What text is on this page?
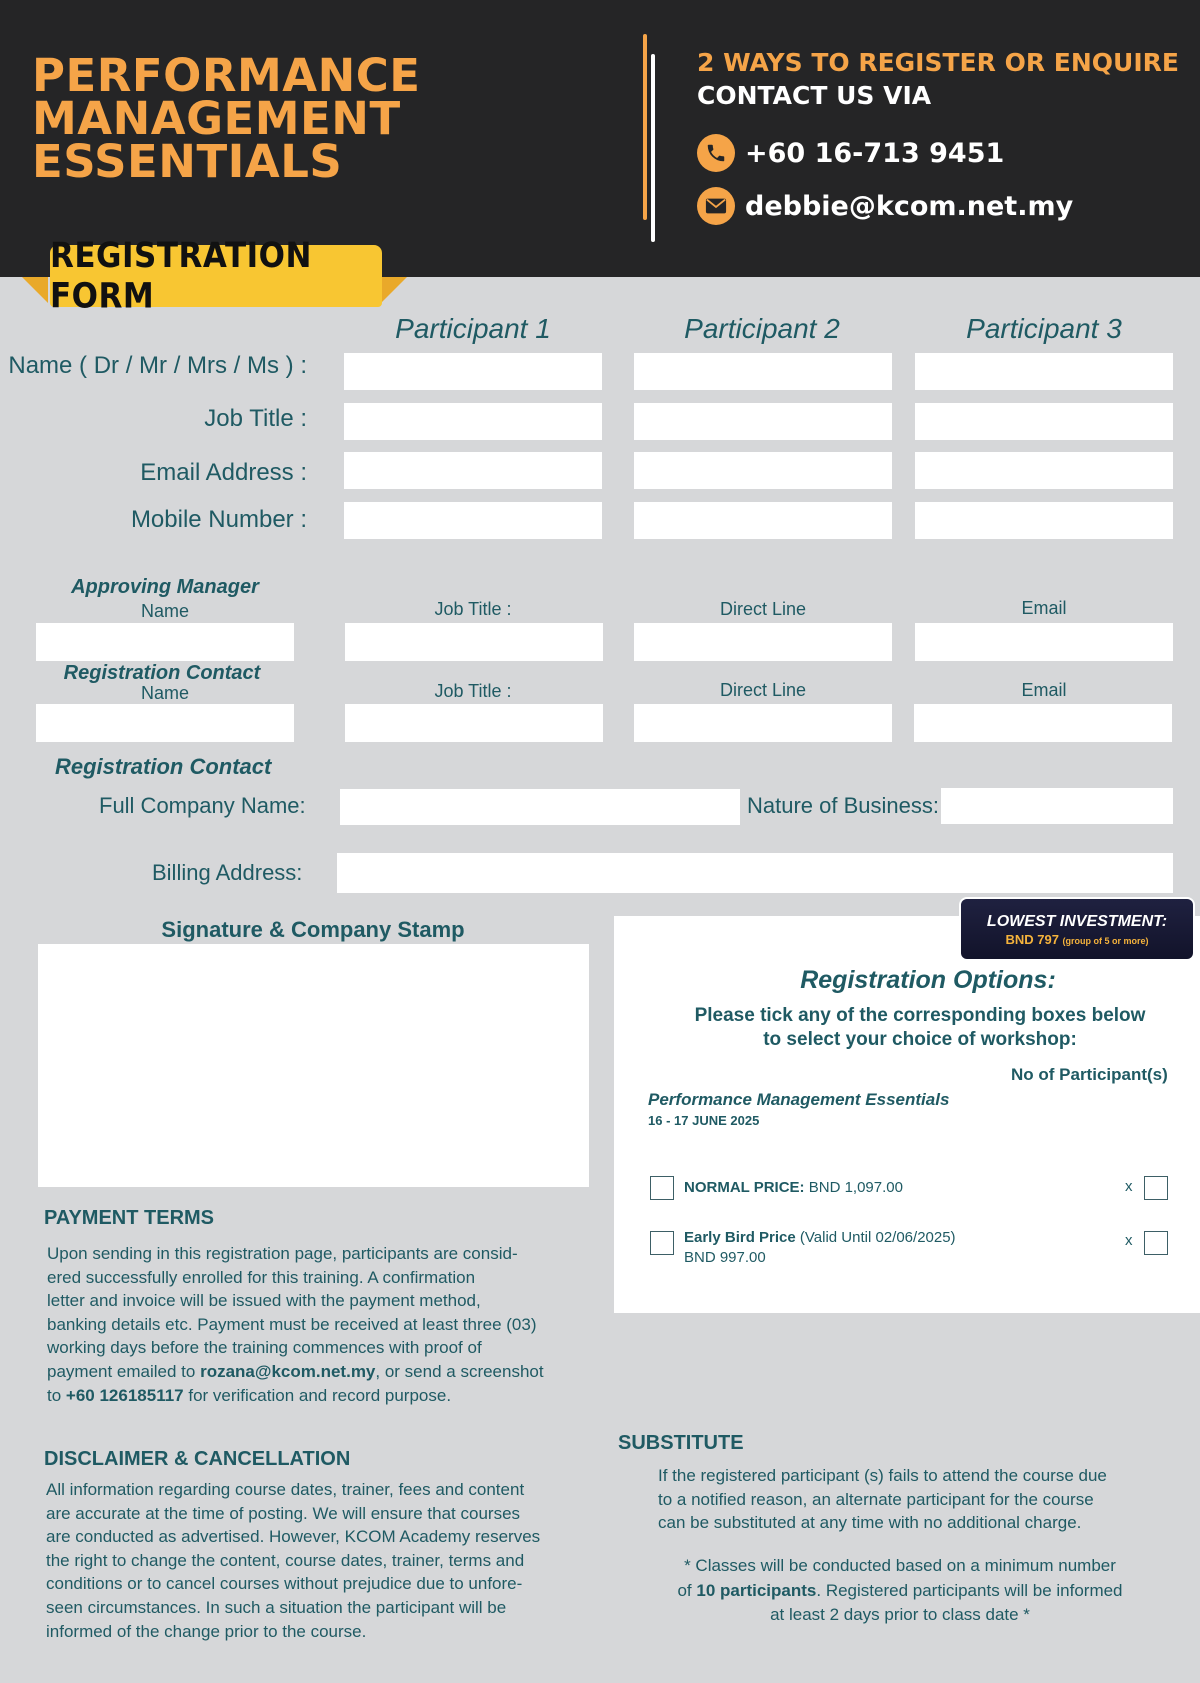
PERFORMANCE
MANAGEMENT
ESSENTIALS
2 WAYS TO REGISTER OR ENQUIRE
CONTACT US VIA
+60 16-713 9451
debbie@kcom.net.my
REGISTRATION FORM
Participant 1	Participant 2	Participant 3
Name ( Dr / Mr / Mrs / Ms ) :
Job Title :
Email Address :
Mobile Number :
Approving Manager
Name	Job Title :	Direct Line	Email
Registration Contact
Name	Job Title :	Direct Line	Email
Registration Contact
Full Company Name:	Nature of Business:
Billing Address:
Signature & Company Stamp	LOWEST INVESTMENT:
BND 797 (group of 5 or more)
Registration Options:
Please tick any of the corresponding boxes below
to select your choice of workshop:
No of Participant(s)
Performance Management Essentials
16 - 17 JUNE 2025
NORMAL PRICE: BND 1,097.00	x
Early Bird Price (Valid Until 02/06/2025)
BND 997.00
x
PAYMENT TERMS
Upon sending in this registration page, participants are consid-
ered successfully enrolled for this training. A confirmation
letter and invoice will be issued with the payment method,
banking details etc. Payment must be received at least three (03)
working days before the training commences with proof of
payment emailed to rozana@kcom.net.my, or send a screenshot
to +60 126185117 for verification and record purpose.
DISCLAIMER & CANCELLATION
All information regarding course dates, trainer, fees and content
are accurate at the time of posting. We will ensure that courses
are conducted as advertised. However, KCOM Academy reserves
the right to change the content, course dates, trainer, terms and
conditions or to cancel courses without prejudice due to unfore-
seen circumstances. In such a situation the participant will be
informed of the change prior to the course.
SUBSTITUTE
If the registered participant (s) fails to attend the course due
to a notified reason, an alternate participant for the course
can be substituted at any time with no additional charge.
* Classes will be conducted based on a minimum number
of 10 participants. Registered participants will be informed
at least 2 days prior to class date *
